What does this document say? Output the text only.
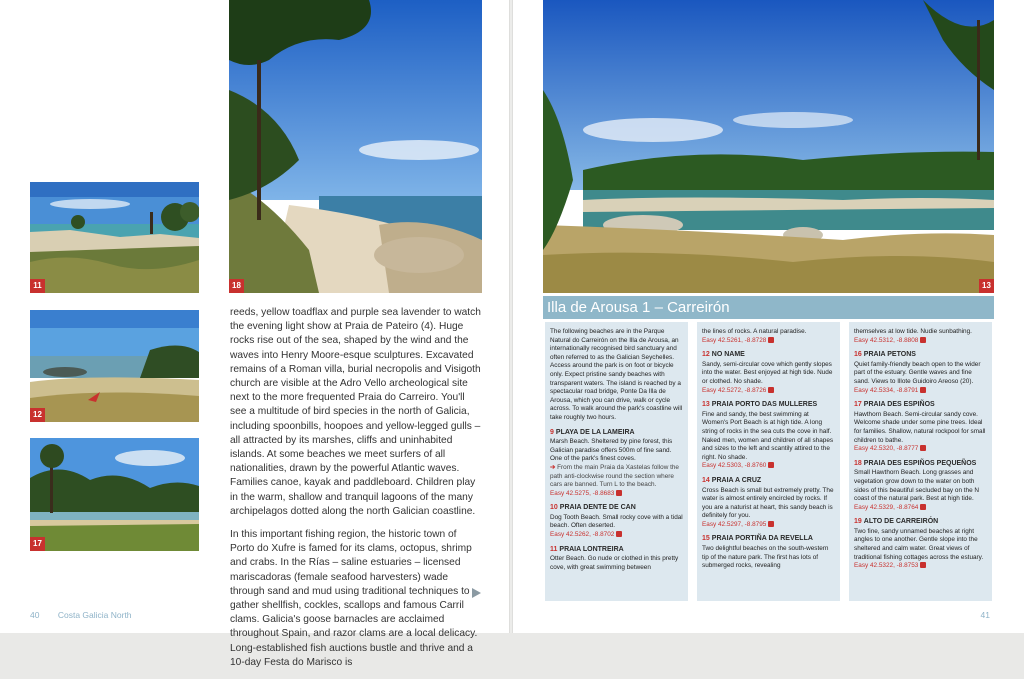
11
12
17
18

reeds, yellow toadflax and purple sea lavender to watch the evening light show at Praia de Pateiro (4). Huge rocks rise out of the sea, shaped by the wind and the waves into Henry Moore-esque sculptures. Excavated remains of a Roman villa, burial necropolis and Visigoth church are visible at the Adro Vello archeological site next to the more frequented Praia do Carreiro. You'll see a multitude of bird species in the north of Galicia, including spoonbills, hoopoes and yellow-legged gulls – all attracted by its marshes, cliffs and uninhabited islands. At some beaches we meet surfers of all nationalities, drawn by the powerful Atlantic waves. Families canoe, kayak and paddleboard. Children play in the warm, shallow and tranquil lagoons of the many archipelagos dotted along the north Galician coastline.

In this important fishing region, the historic town of Porto do Xufre is famed for its clams, octopus, shrimp and crabs. In the Rías – saline estuaries – licensed mariscadoras (female seafood harvesters) wade through sand and mud using traditional techniques to gather shellfish, cockles, scallops and famous Carril clams. Galicia's goose barnacles are acclaimed throughout Spain, and razor clams are a local delicacy. Long-established fish auctions bustle and thrive and a 10-day Festa do Marisco is

40 Costa Galicia North
13
Illa de Arousa 1 – Carreirón
The following beaches are in the Parque Natural do Carreirón on the Illa de Arousa, an internationally recognised bird sanctuary and often referred to as the Galician Seychelles. Access around the park is on foot or bicycle only. Expect pristine sandy beaches with transparent waters. The island is reached by a spectacular road bridge, Ponte Da Illa de Arousa, which you can drive, walk or cycle across. To walk around the park's coastline will take roughly two hours.
9 PLAYA DE LA LAMEIRA
Marsh Beach. Sheltered by pine forest, this Galician paradise offers 500m of fine sand. One of the park's finest coves.
➔ From the main Praia da Xastelas follow the path anti-clockwise round the section where cars are banned. Turn L to the beach.
Easy 42.5275, -8.8683
10 PRAIA DENTE DE CAN
Dog Tooth Beach. Small rocky cove with a tidal beach. Often deserted.
Easy 42.5262, -8.8702
11 PRAIA LONTREIRA
Otter Beach. Go nude or clothed in this pretty cove, with great swimming between
the lines of rocks. A natural paradise.
Easy 42.5261, -8.8728
12 NO NAME
Sandy, semi-circular cove which gently slopes into the water. Best enjoyed at high tide. Nude or clothed. No shade.
Easy 42.5272, -8.8726
13 PRAIA PORTO DAS MULLERES
Fine and sandy, the best swimming at Women's Port Beach is at high tide. A long string of rocks in the sea cuts the cove in half. Naked men, women and children of all shapes and sizes to the left and scantily attired to the right. No shade.
Easy 42.5303, -8.8760
14 PRAIA A CRUZ
Cross Beach is small but extremely pretty. The water is almost entirely encircled by rocks. If you are a naturist at heart, this sandy beach is definitely for you.
Easy 42.5297, -8.8795
15 PRAIA PORTIÑA DA REVELLA
Two delightful beaches on the south-western tip of the nature park. The first has lots of submerged rocks, revealing
themselves at low tide. Nudie sunbathing.
Easy 42.5312, -8.8808
16 PRAIA PETONS
Quiet family-friendly beach open to the wider part of the estuary. Gentle waves and fine sand. Views to Illote Guidoiro Areoso (20).
Easy 42.5334, -8.8791
17 PRAIA DES ESPIÑOS
Hawthorn Beach. Semi-circular sandy cove. Welcome shade under some pine trees. Ideal for families. Shallow, natural rockpool for small children to bathe.
Easy 42.5320, -8.8777
18 PRAIA DES ESPIÑOS PEQUEÑOS
Small Hawthorn Beach. Long grasses and vegetation grow down to the water on both sides of this beautiful secluded bay on the N coast of the natural park. Best at high tide.
Easy 42.5329, -8.8764
19 ALTO DE CARREIRÓN
Two fine, sandy unnamed beaches at right angles to one another. Gentle slope into the sheltered and calm water. Great views of traditional fishing cottages across the estuary.
Easy 42.5322, -8.8753
41
